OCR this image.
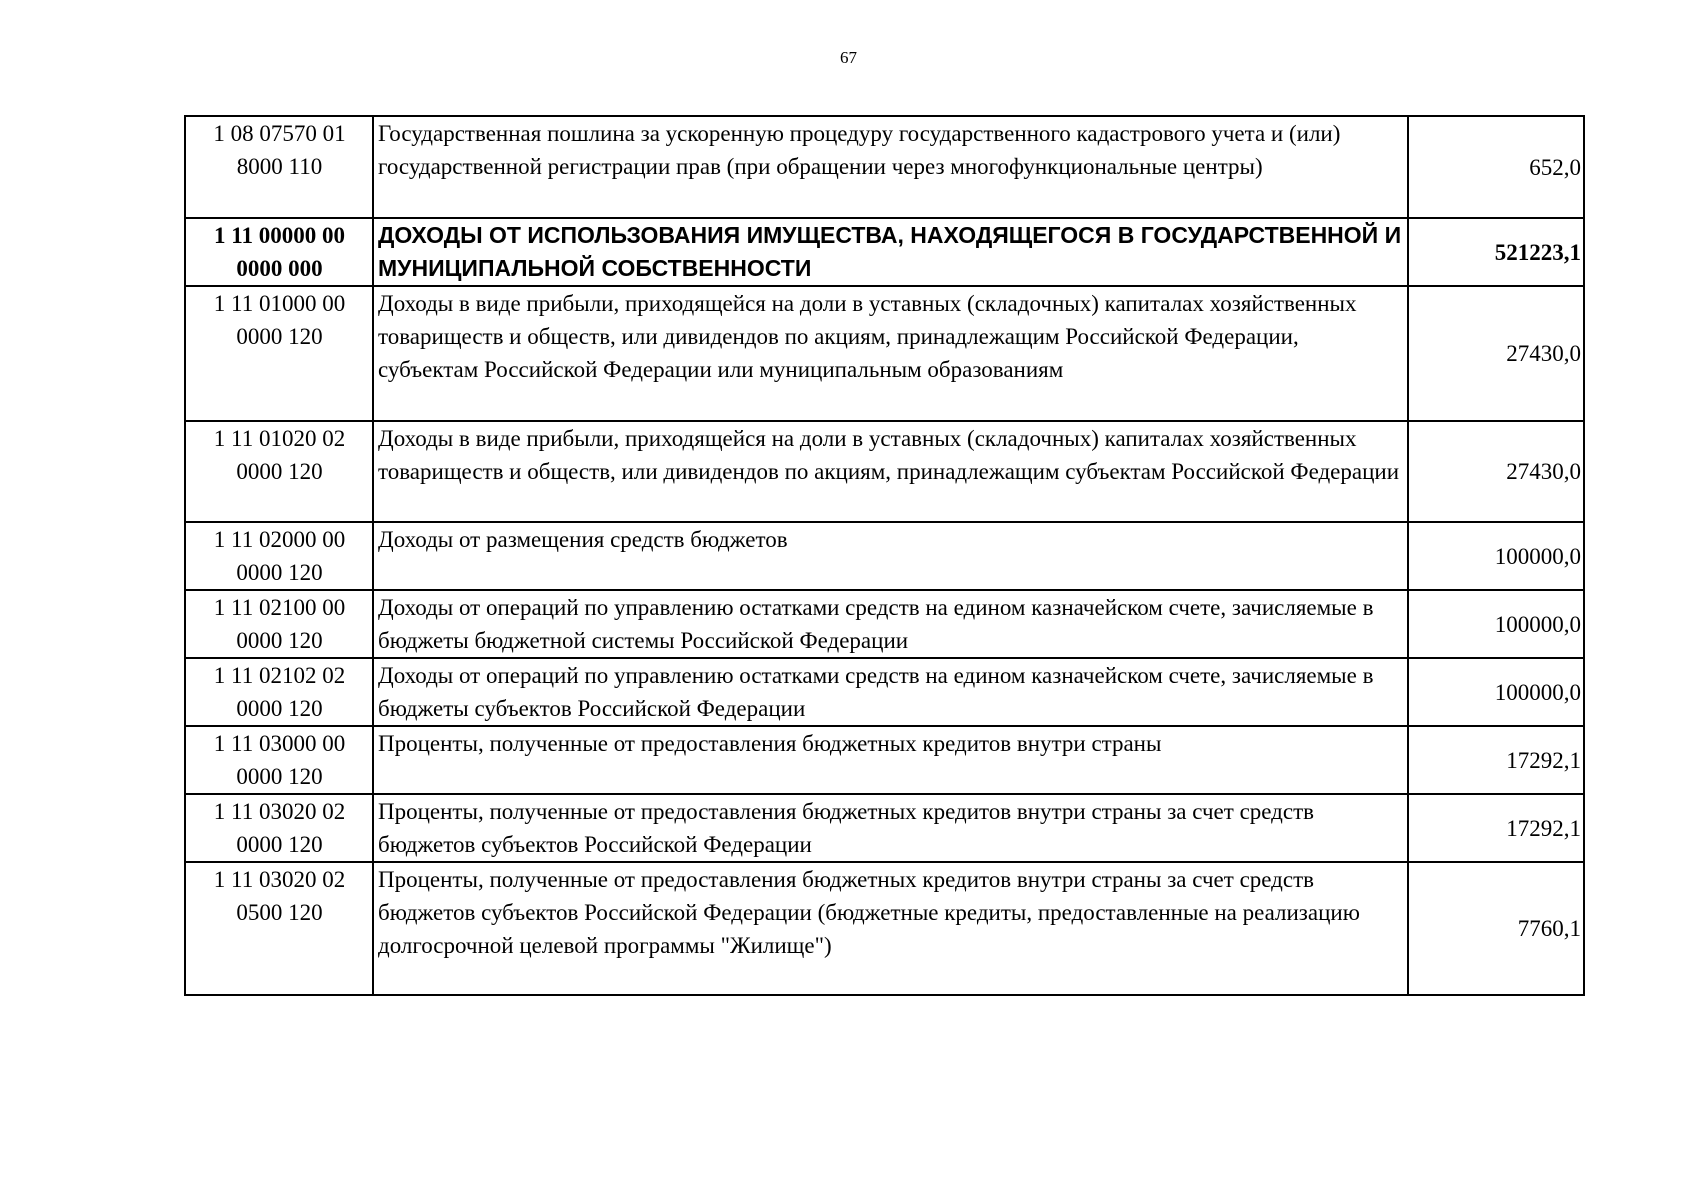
67
1 08 07570 01
8000 110	Государственная пошлина за ускоренную процедуру государственного кадастрового учета и (или) государственной регистрации прав (при обращении через многофункциональные центры)	652,0
1 11 00000 00
0000 000	ДОХОДЫ ОТ ИСПОЛЬЗОВАНИЯ ИМУЩЕСТВА, НАХОДЯЩЕГОСЯ В ГОСУДАРСТВЕННОЙ И МУНИЦИПАЛЬНОЙ СОБСТВЕННОСТИ	521223,1
1 11 01000 00
0000 120	Доходы в виде прибыли, приходящейся на доли в уставных (складочных) капиталах хозяйственных товариществ и обществ, или дивидендов по акциям, принадлежащим Российской Федерации, субъектам Российской Федерации или муниципальным образованиям	27430,0
1 11 01020 02
0000 120	Доходы в виде прибыли, приходящейся на доли в уставных (складочных) капиталах хозяйственных товариществ и обществ, или дивидендов по акциям, принадлежащим субъектам Российской Федерации	27430,0
1 11 02000 00
0000 120	Доходы от размещения средств бюджетов	100000,0
1 11 02100 00
0000 120	Доходы от операций по управлению остатками средств на едином казначейском счете, зачисляемые в бюджеты бюджетной системы Российской Федерации	100000,0
1 11 02102 02
0000 120	Доходы от операций по управлению остатками средств на едином казначейском счете, зачисляемые в бюджеты субъектов Российской Федерации	100000,0
1 11 03000 00
0000 120	Проценты, полученные от предоставления бюджетных кредитов внутри страны	17292,1
1 11 03020 02
0000 120	Проценты, полученные от предоставления бюджетных кредитов внутри страны за счет средств бюджетов субъектов Российской Федерации	17292,1
1 11 03020 02
0500 120	Проценты, полученные от предоставления бюджетных кредитов внутри страны за счет средств бюджетов субъектов Российской Федерации (бюджетные кредиты, предоставленные на реализацию долгосрочной целевой программы "Жилище")	7760,1
